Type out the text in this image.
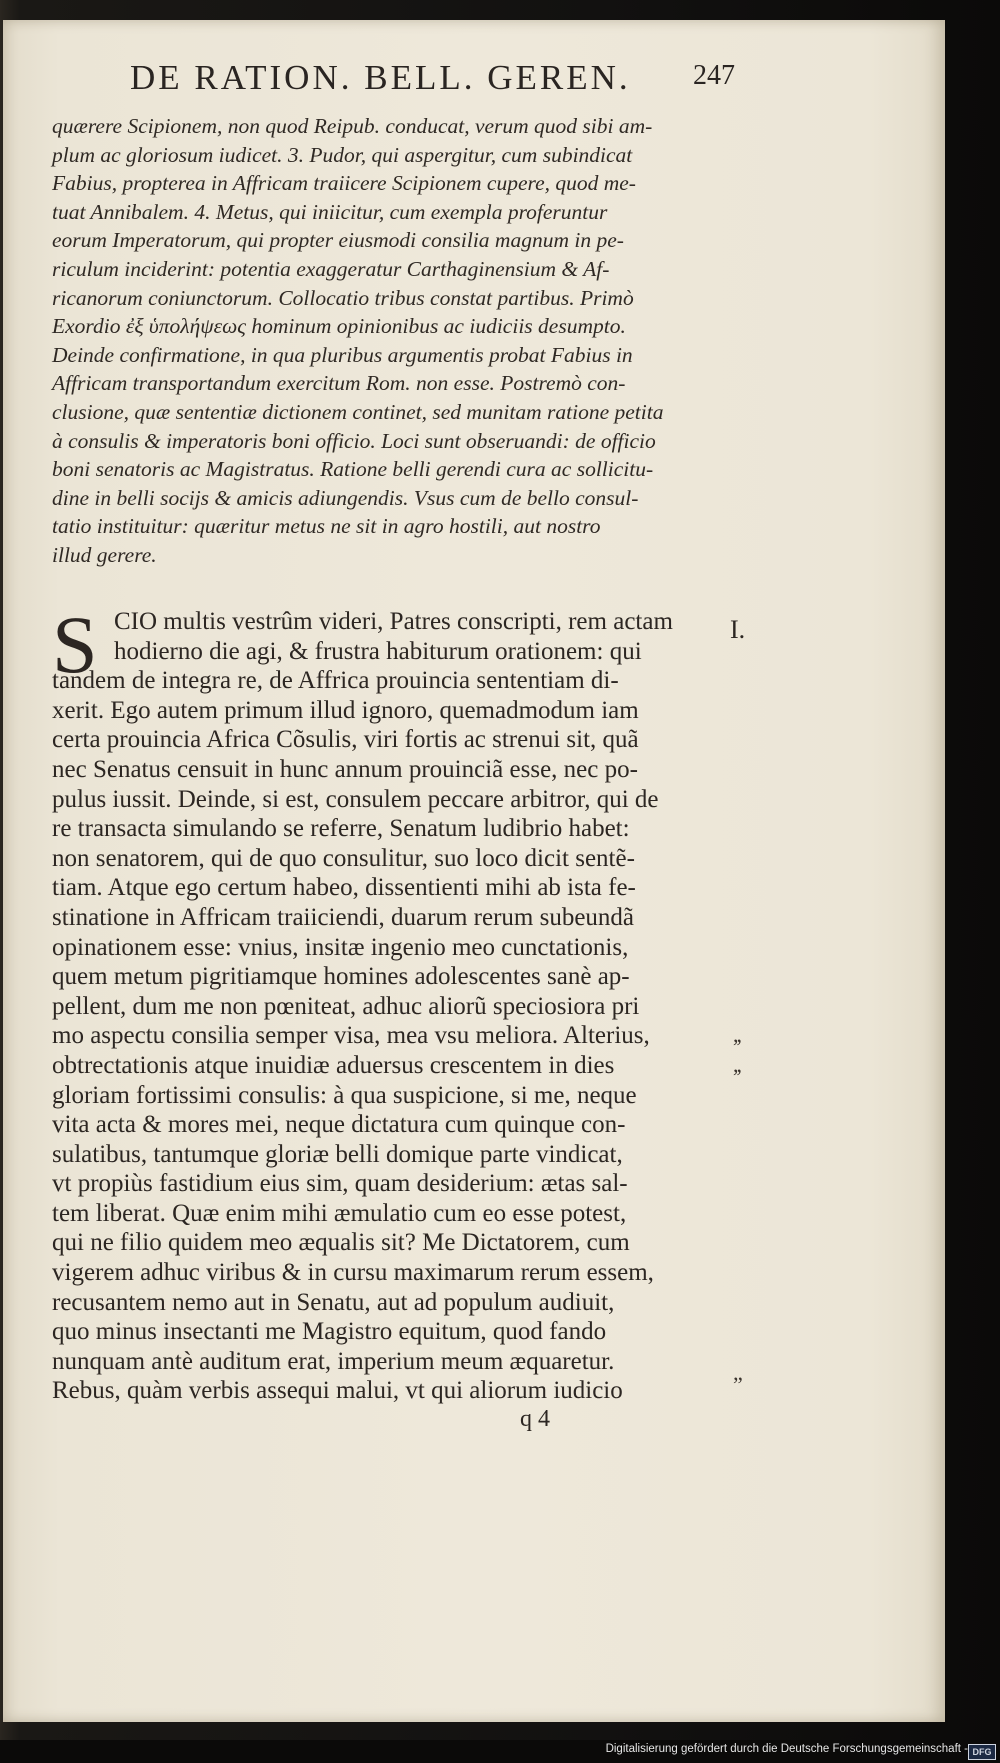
DE RATION. BELL. GEREN.	247
quærere Scipionem, non quod Reipub. conducat, verum quod sibi am-
plum ac gloriosum iudicet. 3. Pudor, qui aspergitur, cum subindicat
Fabius, propterea in Affricam traiicere Scipionem cupere, quod me-
tuat Annibalem. 4. Metus, qui iniicitur, cum exempla proferuntur
eorum Imperatorum, qui propter eiusmodi consilia magnum in pe-
riculum inciderint: potentia exaggeratur Carthaginensium & Af-
ricanorum coniunctorum. Collocatio tribus constat partibus. Primò
Exordio ἐξ ὑπολήψεως hominum opinionibus ac iudiciis desumpto.
Deinde confirmatione, in qua pluribus argumentis probat Fabius in
Affricam transportandum exercitum Rom. non esse. Postremò con-
clusione, quæ sententiæ dictionem continet, sed munitam ratione petita
à consulis & imperatoris boni officio. Loci sunt obseruandi: de officio
boni senatoris ac Magistratus. Ratione belli gerendi cura ac sollicitu-
dine in belli socijs & amicis adiungendis. Vsus cum de bello consul-
tatio instituitur: quæritur metus ne sit in agro hostili, aut nostro
illud gerere.
S CIO multis vestrûm videri, Patres conscripti, rem actam
hodierno die agi, & frustra habiturum orationem: qui
tandem de integra re, de Affrica prouincia sententiam di-
xerit. Ego autem primum illud ignoro, quemadmodum iam
certa prouincia Africa Cõsulis, viri fortis ac strenui sit, quã
nec Senatus censuit in hunc annum prouinciã esse, nec po-
pulus iussit. Deinde, si est, consulem peccare arbitror, qui de
re transacta simulando se referre, Senatum ludibrio habet:
non senatorem, qui de quo consulitur, suo loco dicit sentẽ-
tiam. Atque ego certum habeo, dissentienti mihi ab ista fe-
stinatione in Affricam traiiciendi, duarum rerum subeundã
opinationem esse: vnius, insitæ ingenio meo cunctationis,
quem metum pigritiamque homines adolescentes sanè ap-
pellent, dum me non pœniteat, adhuc aliorũ speciosiora pri
mo aspectu consilia semper visa, mea vsu meliora. Alterius,
obtrectationis atque inuidiæ aduersus crescentem in dies
gloriam fortissimi consulis: à qua suspicione, si me, neque
vita acta & mores mei, neque dictatura cum quinque con-
sulatibus, tantumque gloriæ belli domique parte vindicat,
vt propiùs fastidium eius sim, quam desiderium: ætas sal-
tem liberat. Quæ enim mihi æmulatio cum eo esse potest,
qui ne filio quidem meo æqualis sit? Me Dictatorem, cum
vigerem adhuc viribus & in cursu maximarum rerum essem,
recusantem nemo aut in Senatu, aut ad populum audiuit,
quo minus insectanti me Magistro equitum, quod fando
nunquam antè auditum erat, imperium meum æquaretur.
Rebus, quàm verbis assequi malui, vt qui aliorum iudicio
I.
,,
,,
”
q 4
Digitalisierung gefördert durch die Deutsche Forschungsgemeinschaft - DFG
